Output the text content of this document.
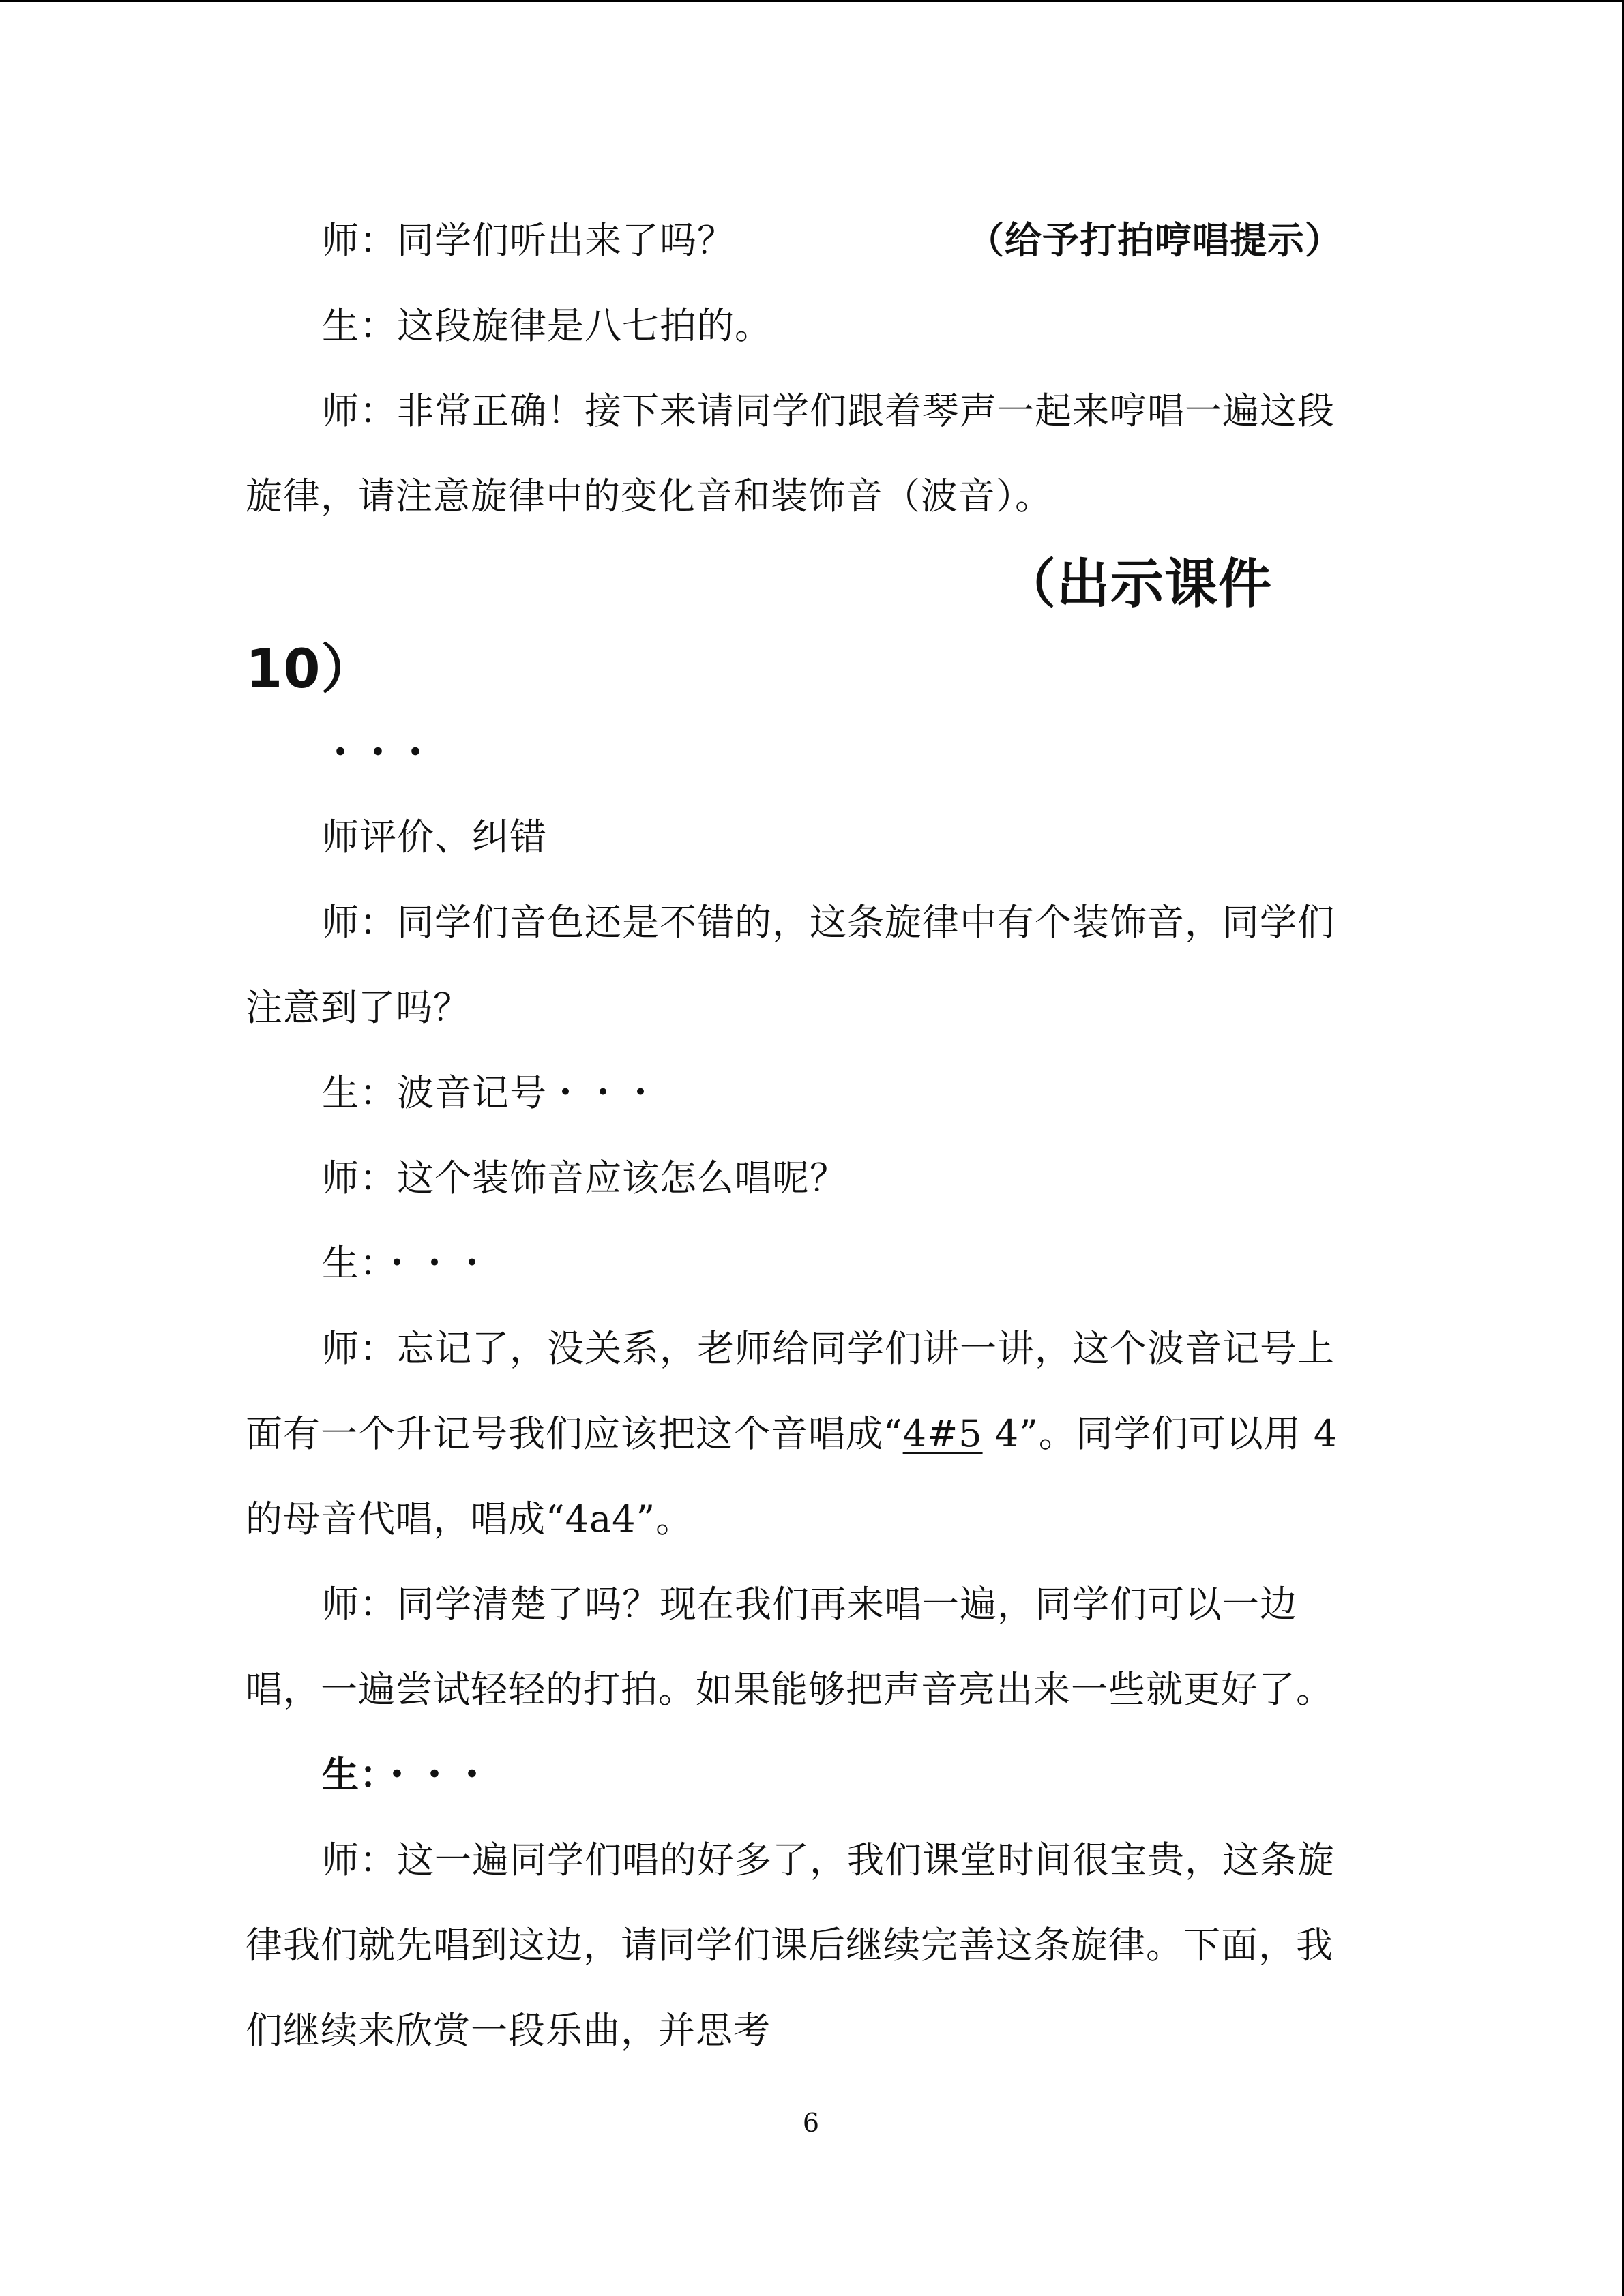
师：同学们听出来了吗？	（给予打拍哼唱提示）
生：这段旋律是八七拍的。
师：非常正确！接下来请同学们跟着琴声一起来哼唱一遍这段
旋律，请注意旋律中的变化音和装饰音（波音）。
（出示课件
10）
・・・
师评价、纠错
师：同学们音色还是不错的，这条旋律中有个装饰音，同学们
注意到了吗？
生：波音记号・・・
师：这个装饰音应该怎么唱呢？
生：・・・
师：忘记了，没关系，老师给同学们讲一讲，这个波音记号上
面有一个升记号我们应该把这个音唱成“4#5 4”。同学们可以用 4
的母音代唱，唱成“4a4”。
师：同学清楚了吗？现在我们再来唱一遍，同学们可以一边
唱，一遍尝试轻轻的打拍。如果能够把声音亮出来一些就更好了。
生：・・・
师：这一遍同学们唱的好多了，我们课堂时间很宝贵，这条旋
律我们就先唱到这边，请同学们课后继续完善这条旋律。下面，我
们继续来欣赏一段乐曲，并思考
6
